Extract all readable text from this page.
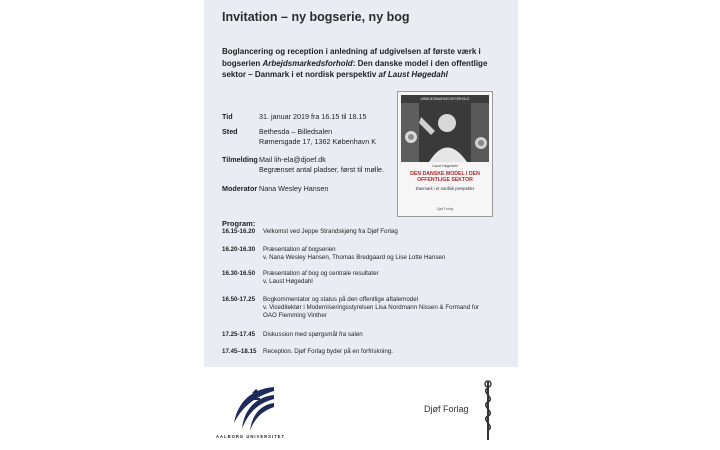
Invitation – ny bogserie, ny bog
Boglancering og reception i anledning af udgivelsen af første værk i bogserien Arbejdsmarkedsforhold: Den danske model i den offentlige sektor – Danmark i et nordisk perspektiv af Laust Høgedahl
Tid	31. januar 2019 fra 16.15 til 18.15
Sted	Bethesda – Billedsalen
Rømersgade 17, 1362 København K
Tilmelding Mail lih-ela@djoef.dk
Begrænset antal pladser, først til mølle.
Moderator Nana Wesley Hansen
ARBEJDSMARKEDSFORHOLD
Laust Høgedahl
DEN DANSKE MODEL I DEN OFFENTLIGE SEKTOR
Danmark i et nordisk perspektiv
Djøf Forlag
Program:
16.15-16.20 Velkomst ved Jeppe Strandskjøng fra Djøf Forlag
16.20-16.30 Præsentation af bogserien
v. Nana Wesley Hansen, Thomas Bredgaard og Lise Lotte Hansen
16.30-16.50 Præsentation af bog og centrale resultater
v. Laust Høgedahl
16.50-17.25 Bogkommentator og status på den offentlige aftalemodel
v. Viceditektør i Moderniseringsstyrelsen Lisa Nordmann Nissen & Formand for
OAO Flemming Vinther
17.25-17.45 Diskussion med spørgsmål fra salen
17.45–18.15 Reception. Djøf Forlag byder på en forfriskning.
AALBORG UNIVERSITET
Djøf Forlag
